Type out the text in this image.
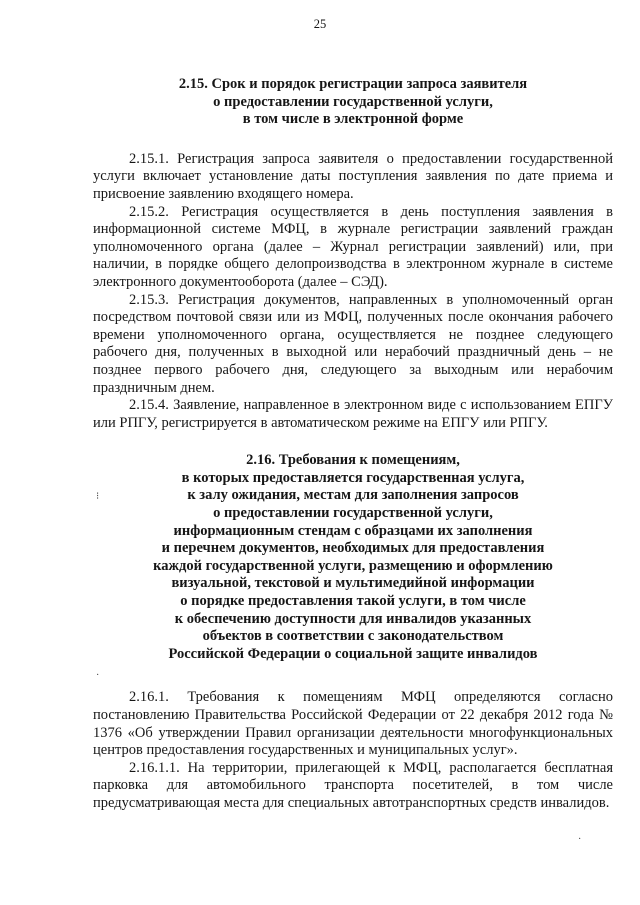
25
2.15. Срок и порядок регистрации запроса заявителя
о предоставлении государственной услуги,
в том числе в электронной форме

2.15.1. Регистрация запроса заявителя о предоставлении государственной услуги включает установление даты поступления заявления по дате приема и присвоение заявлению входящего номера.

2.15.2. Регистрация осуществляется в день поступления заявления в информационной системе МФЦ, в журнале регистрации заявлений граждан уполномоченного органа (далее – Журнал регистрации заявлений) или, при наличии, в порядке общего делопроизводства в электронном журнале в системе электронного документооборота (далее – СЭД).

2.15.3. Регистрация документов, направленных в уполномоченный орган посредством почтовой связи или из МФЦ, полученных после окончания рабочего времени уполномоченного органа, осуществляется не позднее следующего рабочего дня, полученных в выходной или нерабочий праздничный день – не позднее первого рабочего дня, следующего за выходным или нерабочим праздничным днем.

2.15.4. Заявление, направленное в электронном виде с использованием ЕПГУ или РПГУ, регистрируется в автоматическом режиме на ЕПГУ или РПГУ.

2.16. Требования к помещениям,
в которых предоставляется государственная услуга,
к залу ожидания, местам для заполнения запросов
о предоставлении государственной услуги,
информационным стендам с образцами их заполнения
и перечнем документов, необходимых для предоставления
каждой государственной услуги, размещению и оформлению
визуальной, текстовой и мультимедийной информации
о порядке предоставления такой услуги, в том числе
к обеспечению доступности для инвалидов указанных
объектов в соответствии с законодательством
Российской Федерации о социальной защите инвалидов

2.16.1. Требования к помещениям МФЦ определяются согласно постановлению Правительства Российской Федерации от 22 декабря 2012 года № 1376 «Об утверждении Правил организации деятельности многофункциональных центров предоставления государственных и муниципальных услуг».

2.16.1.1. На территории, прилегающей к МФЦ, располагается бесплатная парковка для автомобильного транспорта посетителей, в том числе предусматривающая места для специальных автотранспортных средств инвалидов.

⁝
·
·
